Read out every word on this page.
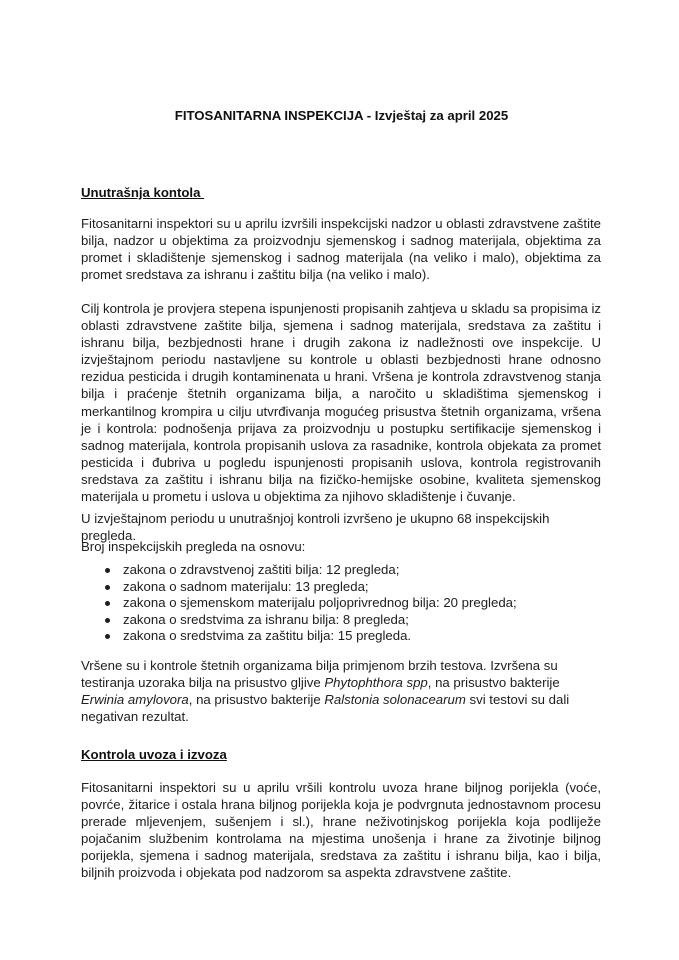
FITOSANITARNA INSPEKCIJA - Izvještaj za april 2025
Unutrašnja kontola

Fitosanitarni inspektori su u aprilu izvršili inspekcijski nadzor u oblasti zdravstvene zaštite bilja, nadzor u objektima za proizvodnju sjemenskog i sadnog materijala, objektima za promet i skladištenje sjemenskog i sadnog materijala (na veliko i malo), objektima za promet sredstava za ishranu i zaštitu bilja (na veliko i malo).

Cilj kontrola je provjera stepena ispunjenosti propisanih zahtjeva u skladu sa propisima iz oblasti zdravstvene zaštite bilja, sjemena i sadnog materijala, sredstava za zaštitu i ishranu bilja, bezbjednosti hrane i drugih zakona iz nadležnosti ove inspekcije. U izvještajnom periodu nastavljene su kontrole u oblasti bezbjednosti hrane odnosno rezidua pesticida i drugih kontaminenata u hrani. Vršena je kontrola zdravstvenog stanja bilja i praćenje štetnih organizama bilja, a naročito u skladištima sjemenskog i merkantilnog krompira u cilju utvrđivanja mogućeg prisustva štetnih organizama, vršena je i kontrola: podnošenja prijava za proizvodnju u postupku sertifikacije sjemenskog i sadnog materijala, kontrola propisanih uslova za rasadnike, kontrola objekata za promet pesticida i đubriva u pogledu ispunjenosti propisanih uslova, kontrola registrovanih sredstava za zaštitu i ishranu bilja na fizičko-hemijske osobine, kvaliteta sjemenskog materijala u prometu i uslova u objektima za njihovo skladištenje i čuvanje.

U izvještajnom periodu u unutrašnjoj kontroli izvršeno je ukupno 68 inspekcijskih pregleda.

Broj inspekcijskih pregleda na osnovu:

zakona o zdravstvenoj zaštiti bilja: 12 pregleda;
zakona o sadnom materijalu: 13 pregleda;
zakona o sjemenskom materijalu poljoprivrednog bilja: 20 pregleda;
zakona o sredstvima za ishranu bilja: 8 pregleda;
zakona o sredstvima za zaštitu bilja: 15 pregleda.

Vršene su i kontrole štetnih organizama bilja primjenom brzih testova. Izvršena su testiranja uzoraka bilja na prisustvo gljive Phytophthora spp, na prisustvo bakterije Erwinia amylovora, na prisustvo bakterije Ralstonia solonacearum svi testovi su dali negativan rezultat.

Kontrola uvoza i izvoza

Fitosanitarni inspektori su u aprilu vršili kontrolu uvoza hrane biljnog porijekla (voće, povrće, žitarice i ostala hrana biljnog porijekla koja je podvrgnuta jednostavnom procesu prerade mljevenjem, sušenjem i sl.), hrane neživotinjskog porijekla koja podliježe pojačanim službenim kontrolama na mjestima unošenja i hrane za životinje biljnog porijekla, sjemena i sadnog materijala, sredstava za zaštitu i ishranu bilja, kao i bilja, biljnih proizvoda i objekata pod nadzorom sa aspekta zdravstvene zaštite.
